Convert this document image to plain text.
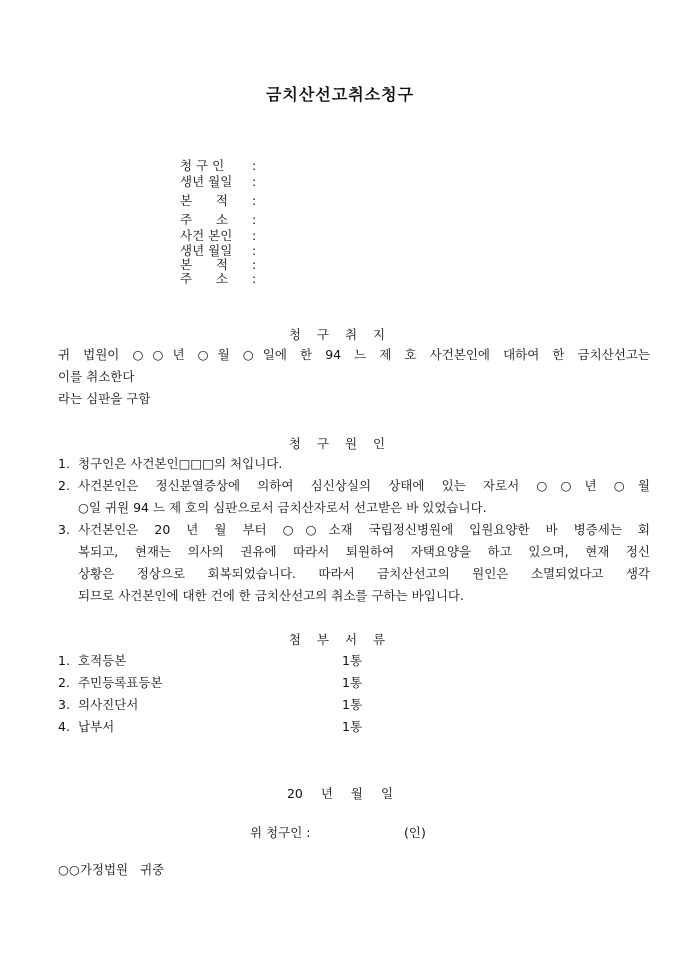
금치산선고취소청구
청 구 인	:
생년 월일	:
본      적	:
주      소	:
사건 본인	:
생년 월일	:
본      적	:
주      소	:
청 구 취 지
귀 법원이 ○○년 ○월 ○일에 한 94 느 제 호 사건본인에 대하여 한 금치산선고는
이를 취소한다
라는 심판을 구함
청 구 원 인
1. 청구인은 사건본인□□□의 처입니다.
2. 사건본인은 정신분열증상에 의하여 심신상실의 상태에 있는 자로서 ○○년 ○월
○일 귀원 94 느 제 호의 심판으로서 금치산자로서 선고받은 바 있었습니다.
3. 사건본인은 20 년 월 부터 ○○소재 국립정신병원에 입원요양한 바 병증세는 회
복되고, 현재는 의사의 권유에 따라서 퇴원하여 자택요양을 하고 있으며, 현재 정신
상황은 정상으로 회복되었습니다. 따라서 금치산선고의 원인은 소멸되었다고 생각
되므로 사건본인에 대한 건에 한 금치산선고의 취소를 구하는 바입니다.
첨 부 서 류
1. 호적등본	1통
2. 주민등록표등본	1통
3. 의사진단서	1통
4. 납부서	1통
20 년 월 일
위 청구인 :	(인)
○○가정법원 귀중
